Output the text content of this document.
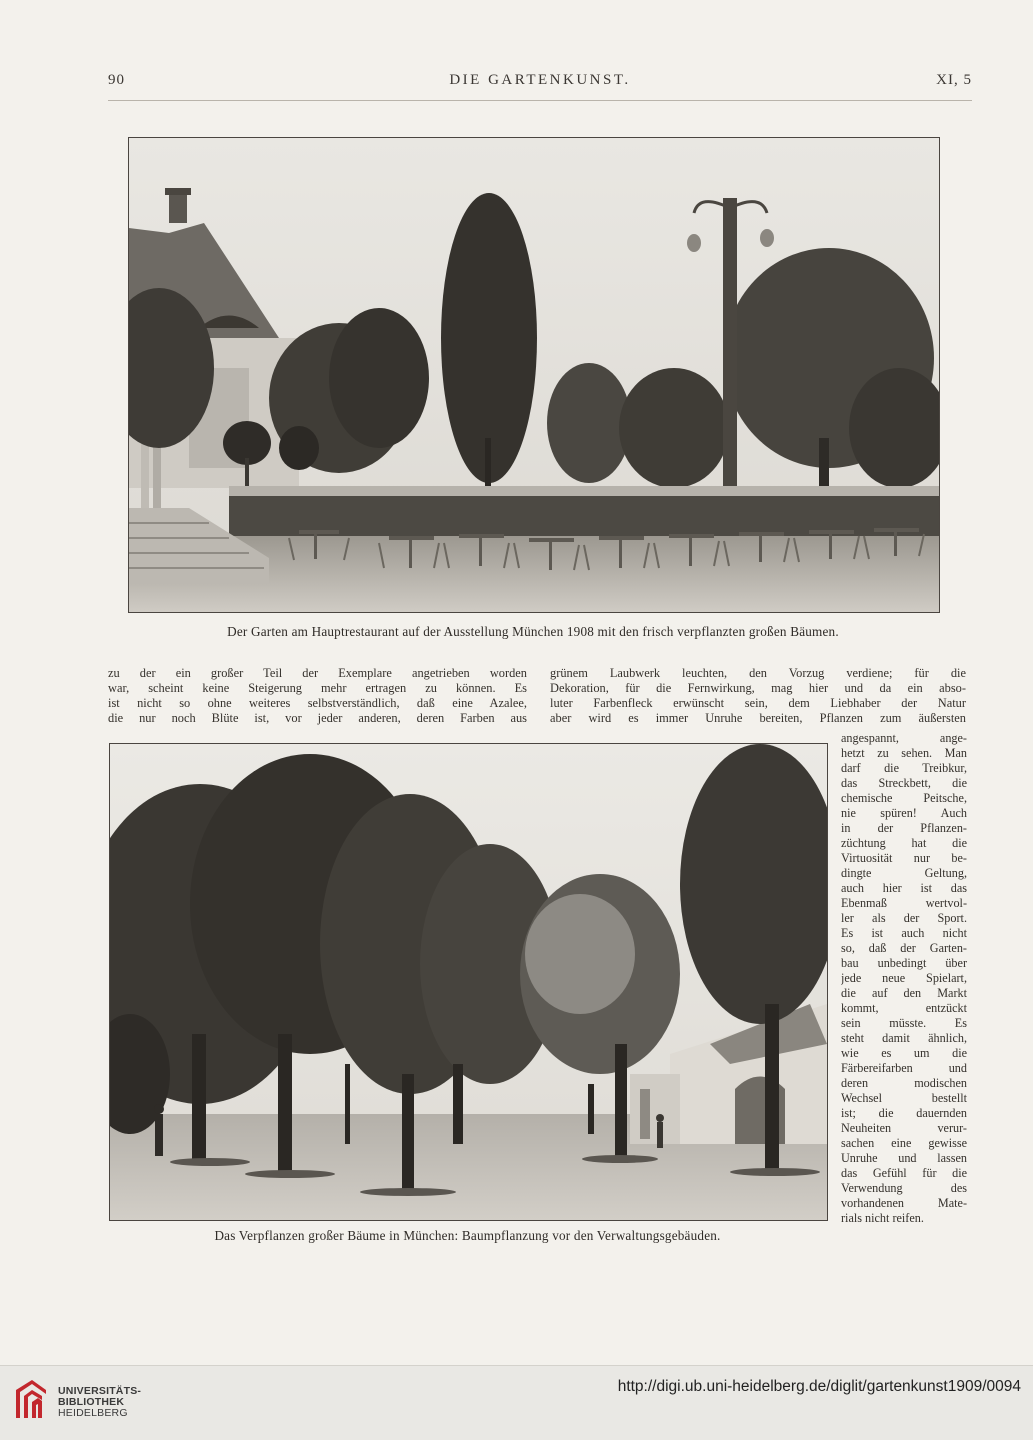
90	DIE GARTENKUNST.	XI, 5
Der Garten am Hauptrestaurant auf der Ausstellung München 1908 mit den frisch verpflanzten großen Bäumen.
zu der ein großer Teil der Exemplare angetrieben worden
war, scheint keine Steigerung mehr ertragen zu können. Es
ist nicht so ohne weiteres selbstverständlich, daß eine Azalee,
die nur noch Blüte ist, vor jeder anderen, deren Farben aus
grünem Laubwerk leuchten, den Vorzug verdiene; für die
Dekoration, für die Fernwirkung, mag hier und da ein abso-
luter Farbenfleck erwünscht sein, dem Liebhaber der Natur
aber wird es immer Unruhe bereiten, Pflanzen zum äußersten
Das Verpflanzen großer Bäume in München: Baumpflanzung vor den Verwaltungsgebäuden.
angespannt, ange-
hetzt zu sehen. Man
darf die Treibkur,
das Streckbett, die
chemische Peitsche,
nie spüren! Auch
in der Pflanzen-
züchtung hat die
Virtuosität nur be-
dingte Geltung,
auch hier ist das
Ebenmaß wertvol-
ler als der Sport.
Es ist auch nicht
so, daß der Garten-
bau unbedingt über
jede neue Spielart,
die auf den Markt
kommt, entzückt
sein müsste. Es
steht damit ähnlich,
wie es um die
Färbereifarben und
deren modischen
Wechsel bestellt
ist; die dauernden
Neuheiten verur-
sachen eine gewisse
Unruhe und lassen
das Gefühl für die
Verwendung des
vorhandenen Mate-
rials nicht reifen.
UNIVERSITÄTS-
BIBLIOTHEK
HEIDELBERG
http://digi.ub.uni-heidelberg.de/diglit/gartenkunst1909/0094
